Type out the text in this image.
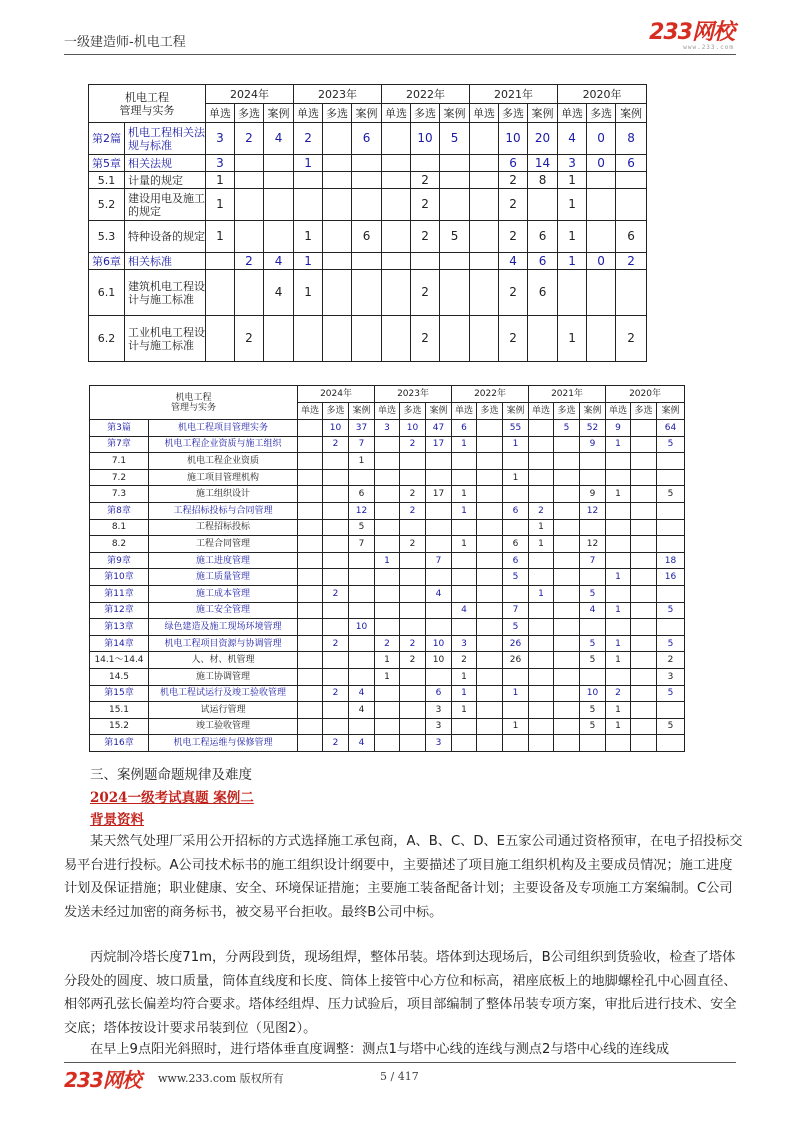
一级建造师-机电工程	233网校
www.233.com
机电工程
管理与实务		2024年			2023年			2022年			2021年			2020年		
		单选	多选	案例	单选	多选	案例	单选	多选	案例	单选	多选	案例	单选	多选	案例
第2篇	机电工程相关法规与标准	3	2	4	2		6		10	5		10	20	4	0	8
第5章	相关法规	3			1							6	14	3	0	6
5.1	计量的规定	1							2			2	8	1		
5.2	建设用电及施工的规定	1							2			2		1		
5.3	特种设备的规定	1			1		6		2	5		2	6	1		6
第6章	相关标准		2	4	1							4	6	1	0	2
6.1	建筑机电工程设计与施工标准			4	1				2			2	6			
6.2	工业机电工程设计与施工标准		2						2			2		1		2
机电工程
管理与实务		2024年			2023年			2022年			2021年			2020年		
		单选	多选	案例	单选	多选	案例	单选	多选	案例	单选	多选	案例	单选	多选	案例
第3篇	机电工程项目管理实务		10	37	3	10	47	6		55		5	52	9		64
第7章	机电工程企业资质与施工组织		2	7		2	17	1		1			9	1		5
7.1	机电工程企业资质			1												
7.2	施工项目管理机构									1						
7.3	施工组织设计			6		2	17	1					9	1		5
第8章	工程招标投标与合同管理			12		2		1		6	2		12			
8.1	工程招标投标			5							1					
8.2	工程合同管理			7		2		1		6	1		12			
第9章	施工进度管理				1		7			6			7			18
第10章	施工质量管理									5				1		16
第11章	施工成本管理		2				4				1		5			
第12章	施工安全管理							4		7			4	1		5
第13章	绿色建造及施工现场环境管理			10						5						
第14章	机电工程项目资源与协调管理		2		2	2	10	3		26			5	1		5
14.1～14.4	人、材、机管理				1	2	10	2		26			5	1		2
14.5	施工协调管理				1			1								3
第15章	机电工程试运行及竣工验收管理		2	4			6	1		1			10	2		5
15.1	试运行管理			4			3	1					5	1		
15.2	竣工验收管理						3			1			5	1		5
第16章	机电工程运维与保修管理		2	4			3									
三、案例题命题规律及难度
2024一级考试真题 案例二
背景资料
某天然气处理厂采用公开招标的方式选择施工承包商，A、B、C、D、E五家公司通过资格预审，在电子招投标交易平台进行投标。A公司技术标书的施工组织设计纲要中，主要描述了项目施工组织机构及主要成员情况；施工进度计划及保证措施；职业健康、安全、环境保证措施；主要施工装备配备计划；主要设备及专项施工方案编制。C公司发送未经过加密的商务标书，被交易平台拒收。最终B公司中标。
丙烷制冷塔长度71m，分两段到货，现场组焊，整体吊装。塔体到达现场后，B公司组织到货验收，检查了塔体分段处的圆度、坡口质量，筒体直线度和长度、筒体上接管中心方位和标高，裙座底板上的地脚螺栓孔中心圆直径、相邻两孔弦长偏差均符合要求。塔体经组焊、压力试验后，项目部编制了整体吊装专项方案，审批后进行技术、安全交底；塔体按设计要求吊装到位（见图2）。
在早上9点阳光斜照时，进行塔体垂直度调整：测点1与塔中心线的连线与测点2与塔中心线的连线成
233网校 www.233.com 版权所有	5 / 417
